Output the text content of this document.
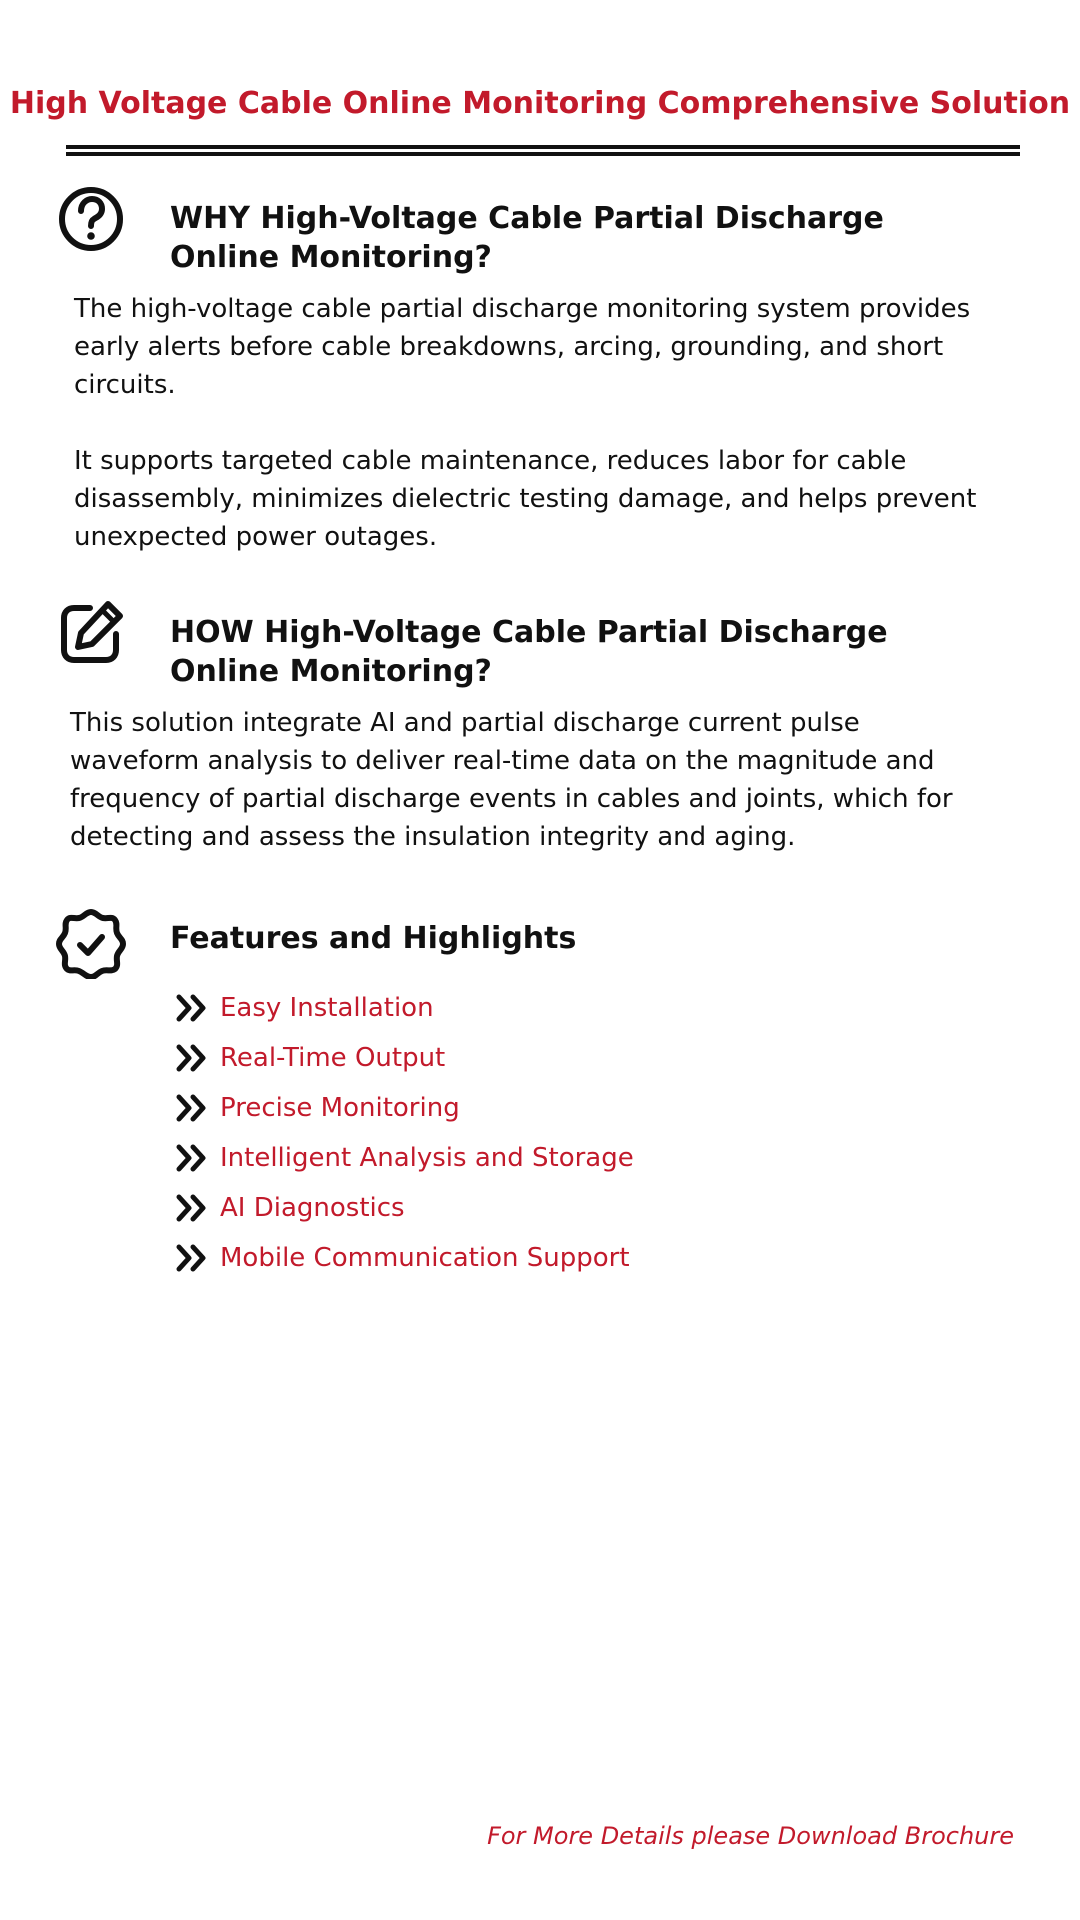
High Voltage Cable Online Monitoring Comprehensive Solution
WHY High-Voltage Cable Partial Discharge Online Monitoring?

The high-voltage cable partial discharge monitoring system provides early alerts before cable breakdowns, arcing, grounding, and short circuits.

It supports targeted cable maintenance, reduces labor for cable disassembly, minimizes dielectric testing damage, and helps prevent unexpected power outages.

HOW High-Voltage Cable Partial Discharge Online Monitoring?

This solution integrate AI and partial discharge current pulse waveform analysis to deliver real-time data on the magnitude and frequency of partial discharge events in cables and joints, which for detecting and assess the insulation integrity and aging.

Features and Highlights
Easy Installation
Real-Time Output
Precise Monitoring
Intelligent Analysis and Storage
AI Diagnostics
Mobile Communication Support
For More Details please Download Brochure
